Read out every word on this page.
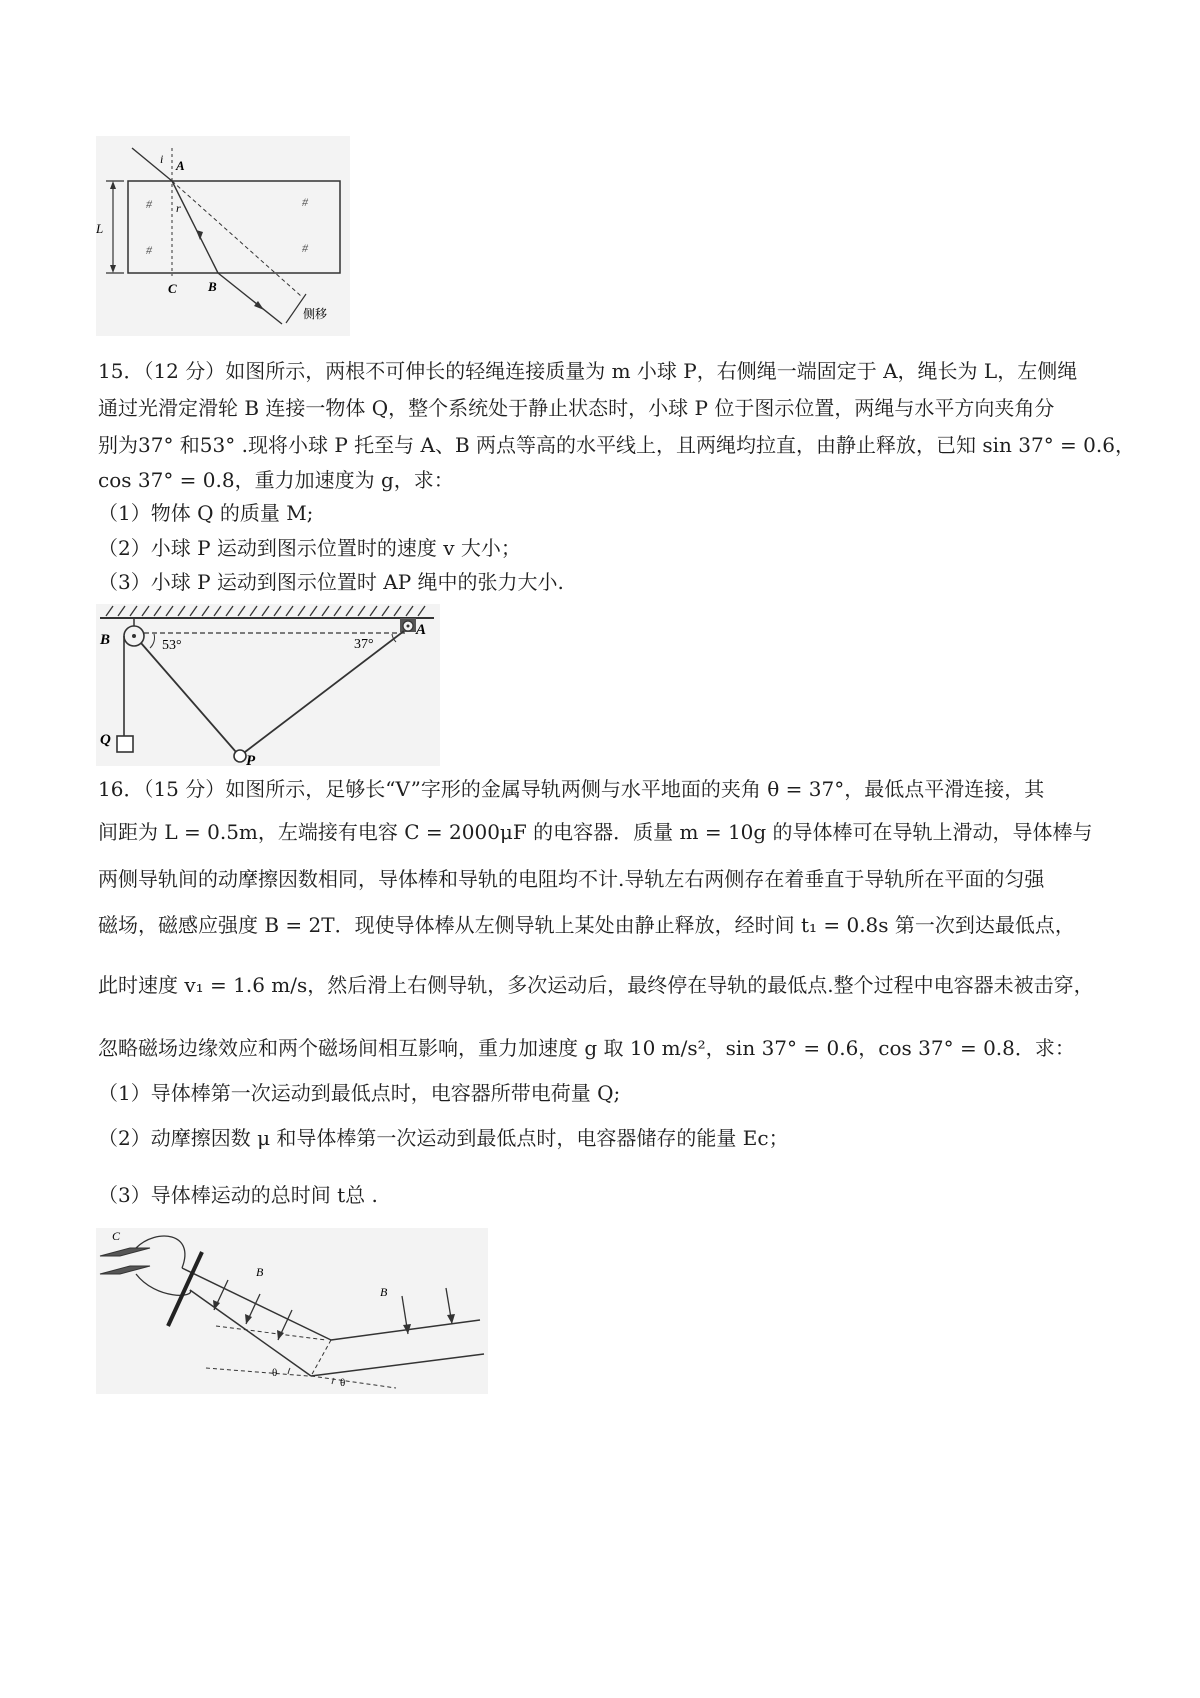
#
#
#
#
A
i
r
L
C B
侧移
15．（12 分）如图所示，两根不可伸长的轻绳连接质量为 m 小球 P，右侧绳一端固定于 A，绳长为 L，左侧绳
通过光滑定滑轮 B 连接一物体 Q，整个系统处于静止状态时，小球 P 位于图示位置，两绳与水平方向夹角分
别为37° 和53° .现将小球 P 托至与 A、B 两点等高的水平线上，且两绳均拉直，由静止释放，已知 sin 37° = 0.6，
cos 37° = 0.8，重力加速度为 g，求：
（1）物体 Q 的质量 M;
（2）小球 P 运动到图示位置时的速度 v 大小；
（3）小球 P 运动到图示位置时 AP 绳中的张力大小.
B
A
53°	37°
Q
P
16．（15 分）如图所示，足够长“V”字形的金属导轨两侧与水平地面的夹角 θ = 37°，最低点平滑连接，其
间距为 L = 0.5m，左端接有电容 C = 2000μF 的电容器．质量 m = 10g 的导体棒可在导轨上滑动，导体棒与
两侧导轨间的动摩擦因数相同，导体棒和导轨的电阻均不计.导轨左右两侧存在着垂直于导轨所在平面的匀强
磁场，磁感应强度 B = 2T．现使导体棒从左侧导轨上某处由静止释放，经时间 t₁ = 0.8s 第一次到达最低点，
此时速度 v₁ = 1.6 m/s，然后滑上右侧导轨，多次运动后，最终停在导轨的最低点.整个过程中电容器未被击穿，
忽略磁场边缘效应和两个磁场间相互影响，重力加速度 g 取 10 m/s²，sin 37° = 0.6，cos 37° = 0.8．求：
（1）导体棒第一次运动到最低点时，电容器所带电荷量 Q;
（2）动摩擦因数 μ 和导体棒第一次运动到最低点时，电容器储存的能量 Ec；
（3）导体棒运动的总时间 t总 .
C
B
B
θ
θ
